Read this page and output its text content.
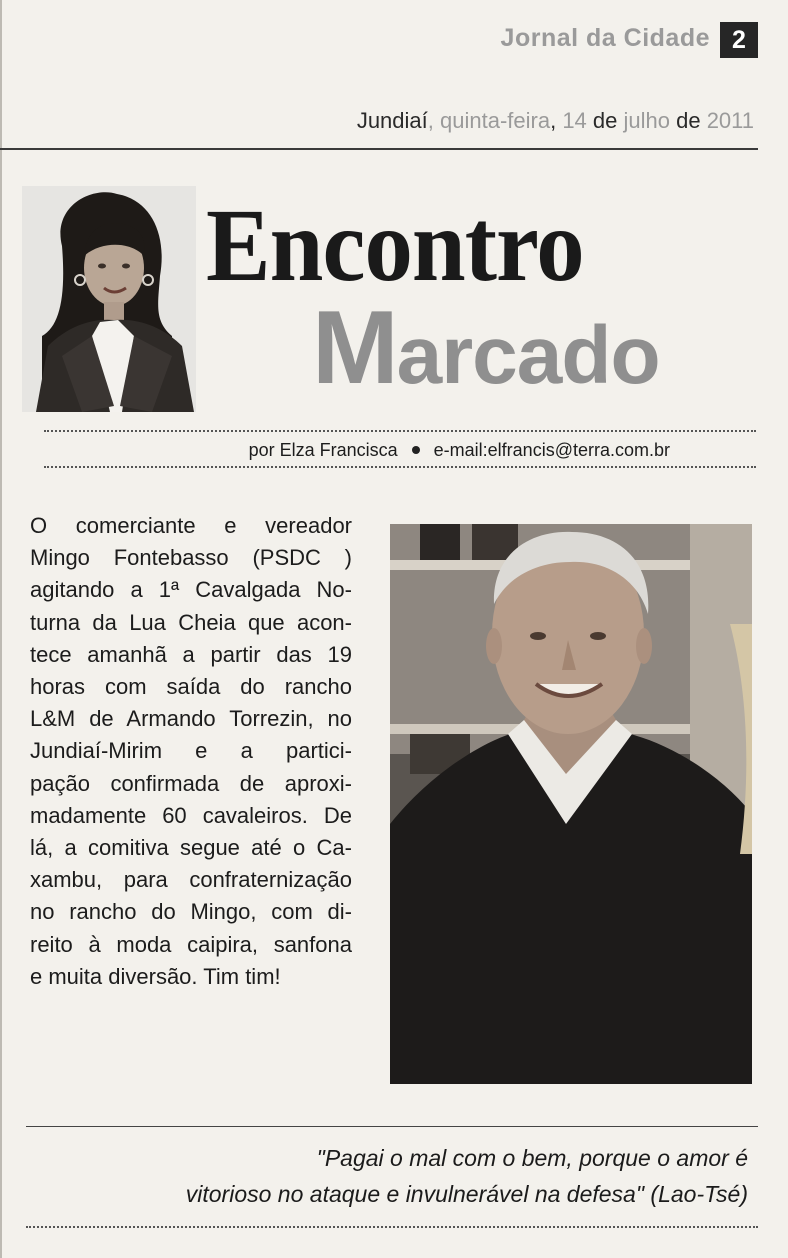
Jornal da Cidade 2
Jundiaí, quinta-feira, 14 de julho de 2011
Encontro
Marcado
por Elza Francisca e-mail:elfrancis@terra.com.br
O comerciante e vereador
Mingo Fontebasso (PSDC )
agitando a 1ª Cavalgada No-
turna da Lua Cheia que acon-
tece amanhã a partir das 19
horas com saída do rancho
L&M de Armando Torrezin, no
Jundiaí-Mirim e a partici-
pação confirmada de aproxi-
madamente 60 cavaleiros. De
lá, a comitiva segue até o Ca-
xambu, para confraternização
no rancho do Mingo, com di-
reito à moda caipira, sanfona
e muita diversão. Tim tim!
"Pagai o mal com o bem, porque o amor é
vitorioso no ataque e invulnerável na defesa" (Lao-Tsé)
